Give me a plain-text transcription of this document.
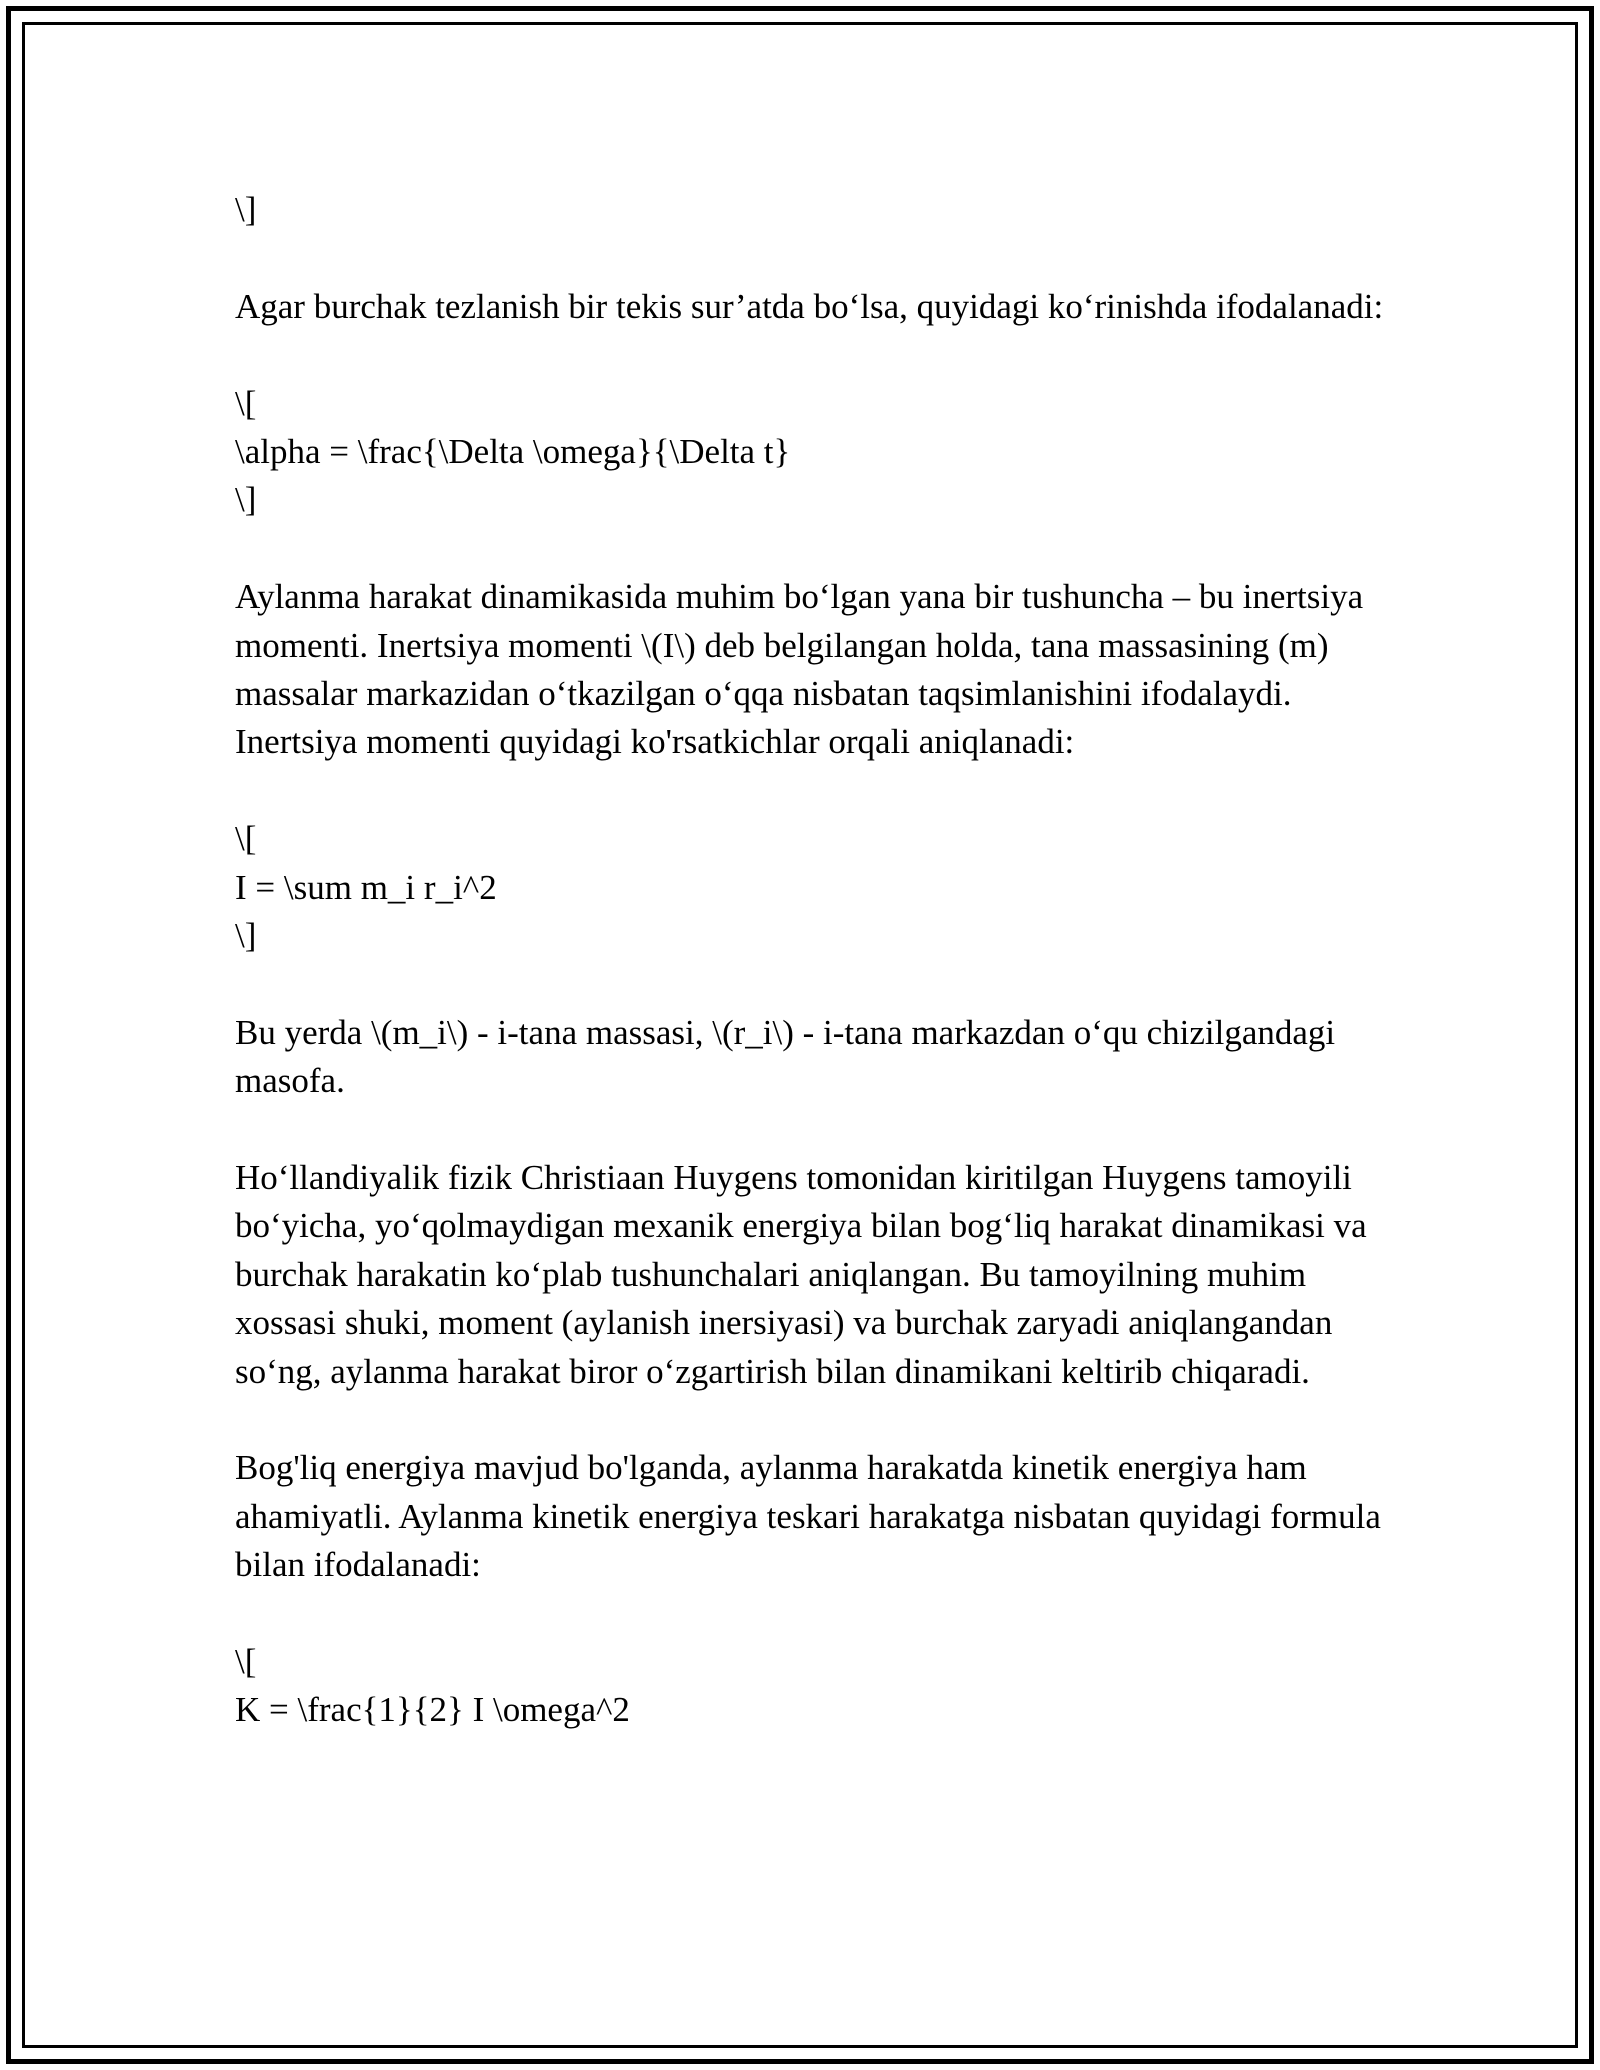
\]

Agar burchak tezlanish bir tekis sur’atda bo‘lsa, quyidagi ko‘rinishda ifodalanadi:

\[
\alpha = \frac{\Delta \omega}{\Delta t}
\]

Aylanma harakat dinamikasida muhim bo‘lgan yana bir tushuncha – bu inertsiya momenti. Inertsiya momenti \(I\) deb belgilangan holda, tana massasining (m) massalar markazidan o‘tkazilgan o‘qqa nisbatan taqsimlanishini ifodalaydi. Inertsiya momenti quyidagi ko'rsatkichlar orqali aniqlanadi:

\[
I = \sum m_i r_i^2
\]

Bu yerda \(m_i\) - i-tana massasi, \(r_i\) - i-tana markazdan o‘qu chizilgandagi masofa.

Ho‘llandiyalik fizik Christiaan Huygens tomonidan kiritilgan Huygens tamoyili bo‘yicha, yo‘qolmaydigan mexanik energiya bilan bog‘liq harakat dinamikasi va burchak harakatin ko‘plab tushunchalari aniqlangan. Bu tamoyilning muhim xossasi shuki, moment (aylanish inersiyasi) va burchak zaryadi aniqlangandan so‘ng, aylanma harakat biror o‘zgartirish bilan dinamikani keltirib chiqaradi.

Bog'liq energiya mavjud bo'lganda, aylanma harakatda kinetik energiya ham ahamiyatli. Aylanma kinetik energiya teskari harakatga nisbatan quyidagi formula bilan ifodalanadi:

\[
K = \frac{1}{2} I \omega^2
